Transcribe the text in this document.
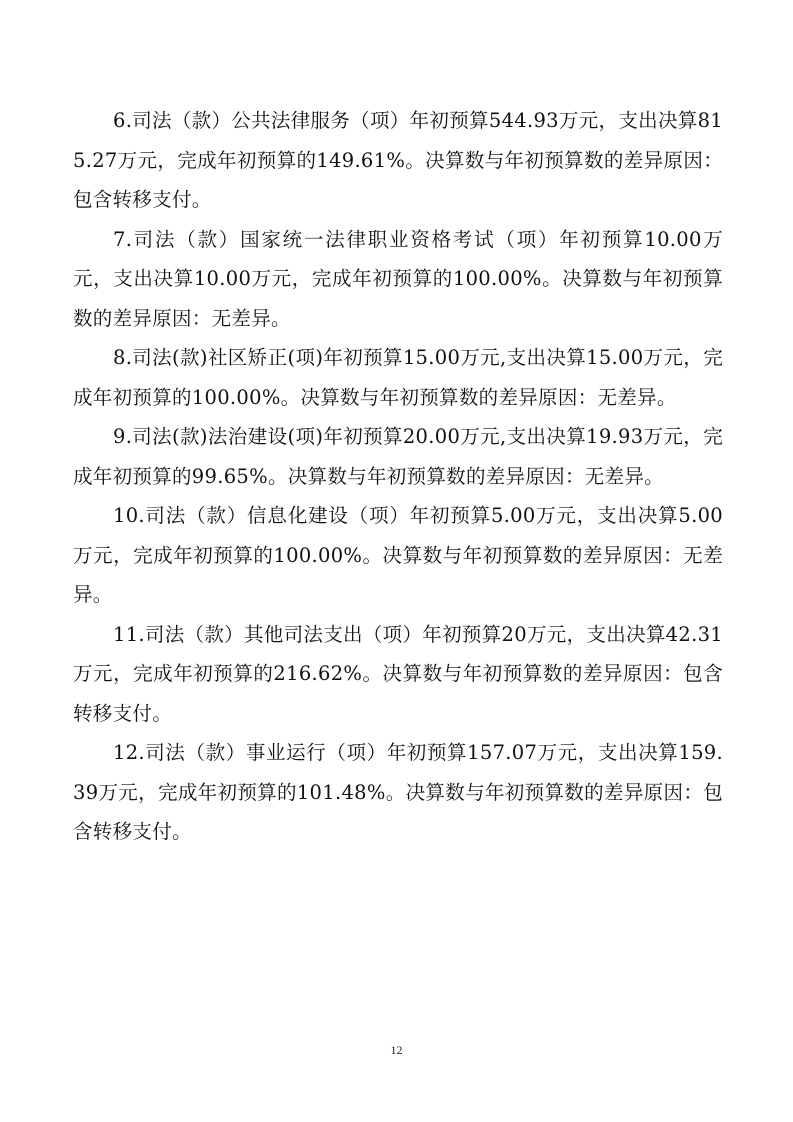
6.司法（款）公共法律服务（项）年初预算544.93万元，支出决算815.27万元，完成年初预算的149.61%。决算数与年初预算数的差异原因：包含转移支付。

7.司法（款）国家统一法律职业资格考试（项）年初预算10.00万元，支出决算10.00万元，完成年初预算的100.00%。决算数与年初预算数的差异原因：无差异。

8.司法(款)社区矫正(项)年初预算15.00万元,支出决算15.00万元，完成年初预算的100.00%。决算数与年初预算数的差异原因：无差异。

9.司法(款)法治建设(项)年初预算20.00万元,支出决算19.93万元，完成年初预算的99.65%。决算数与年初预算数的差异原因：无差异。

10.司法（款）信息化建设（项）年初预算5.00万元，支出决算5.00万元，完成年初预算的100.00%。决算数与年初预算数的差异原因：无差异。

11.司法（款）其他司法支出（项）年初预算20万元，支出决算42.31万元，完成年初预算的216.62%。决算数与年初预算数的差异原因：包含转移支付。

12.司法（款）事业运行（项）年初预算157.07万元，支出决算159.39万元，完成年初预算的101.48%。决算数与年初预算数的差异原因：包含转移支付。

12
